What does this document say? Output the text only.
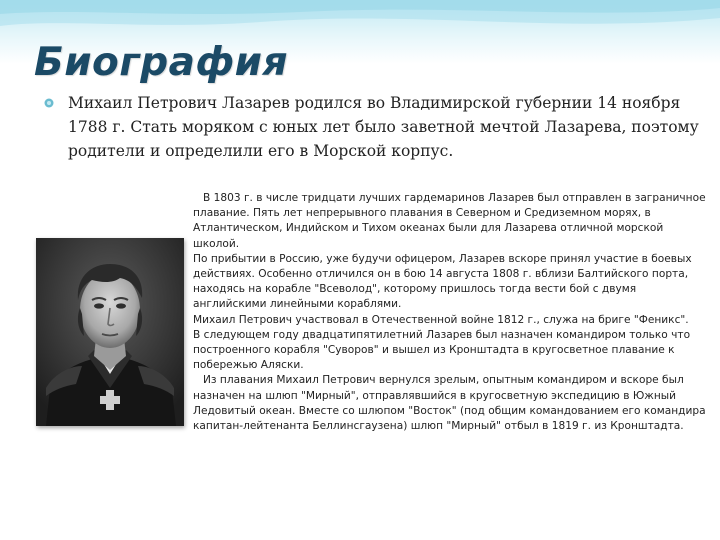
Биография
Михаил Петрович Лазарев родился во Владимирской губернии 14 ноября 1788 г. Стать моряком с юных лет было заветной мечтой Лазарева, поэтому родители и определили его в Морской корпус.

В 1803 г. в числе тридцати лучших гардемаринов Лазарев был отправлен в заграничное плавание. Пять лет непрерывного плавания в Северном и Средиземном морях, в Атлантическом, Индийском и Тихом океанах были для Лазарева отличной морской школой.

По прибытии в Россию, уже будучи офицером, Лазарев вскоре принял участие в боевых действиях. Особенно отличился он в бою 14 августа 1808 г. вблизи Балтийского порта, находясь на корабле "Всеволод", которому пришлось тогда вести бой с двумя английскими линейными кораблями.

Михаил Петрович участвовал в Отечественной войне 1812 г., служа на бриге "Феникс".

В следующем году двадцатипятилетний Лазарев был назначен командиром только что построенного корабля "Суворов" и вышел из Кронштадта в кругосветное плавание к побережью Аляски.

Из плавания Михаил Петрович вернулся зрелым, опытным командиром и вскоре был назначен на шлюп "Мирный", отправлявшийся в кругосветную экспедицию в Южный Ледовитый океан. Вместе со шлюпом "Восток" (под общим командованием его командира капитан-лейтенанта Беллинсгаузена) шлюп "Мирный" отбыл в 1819 г. из Кронштадта.
